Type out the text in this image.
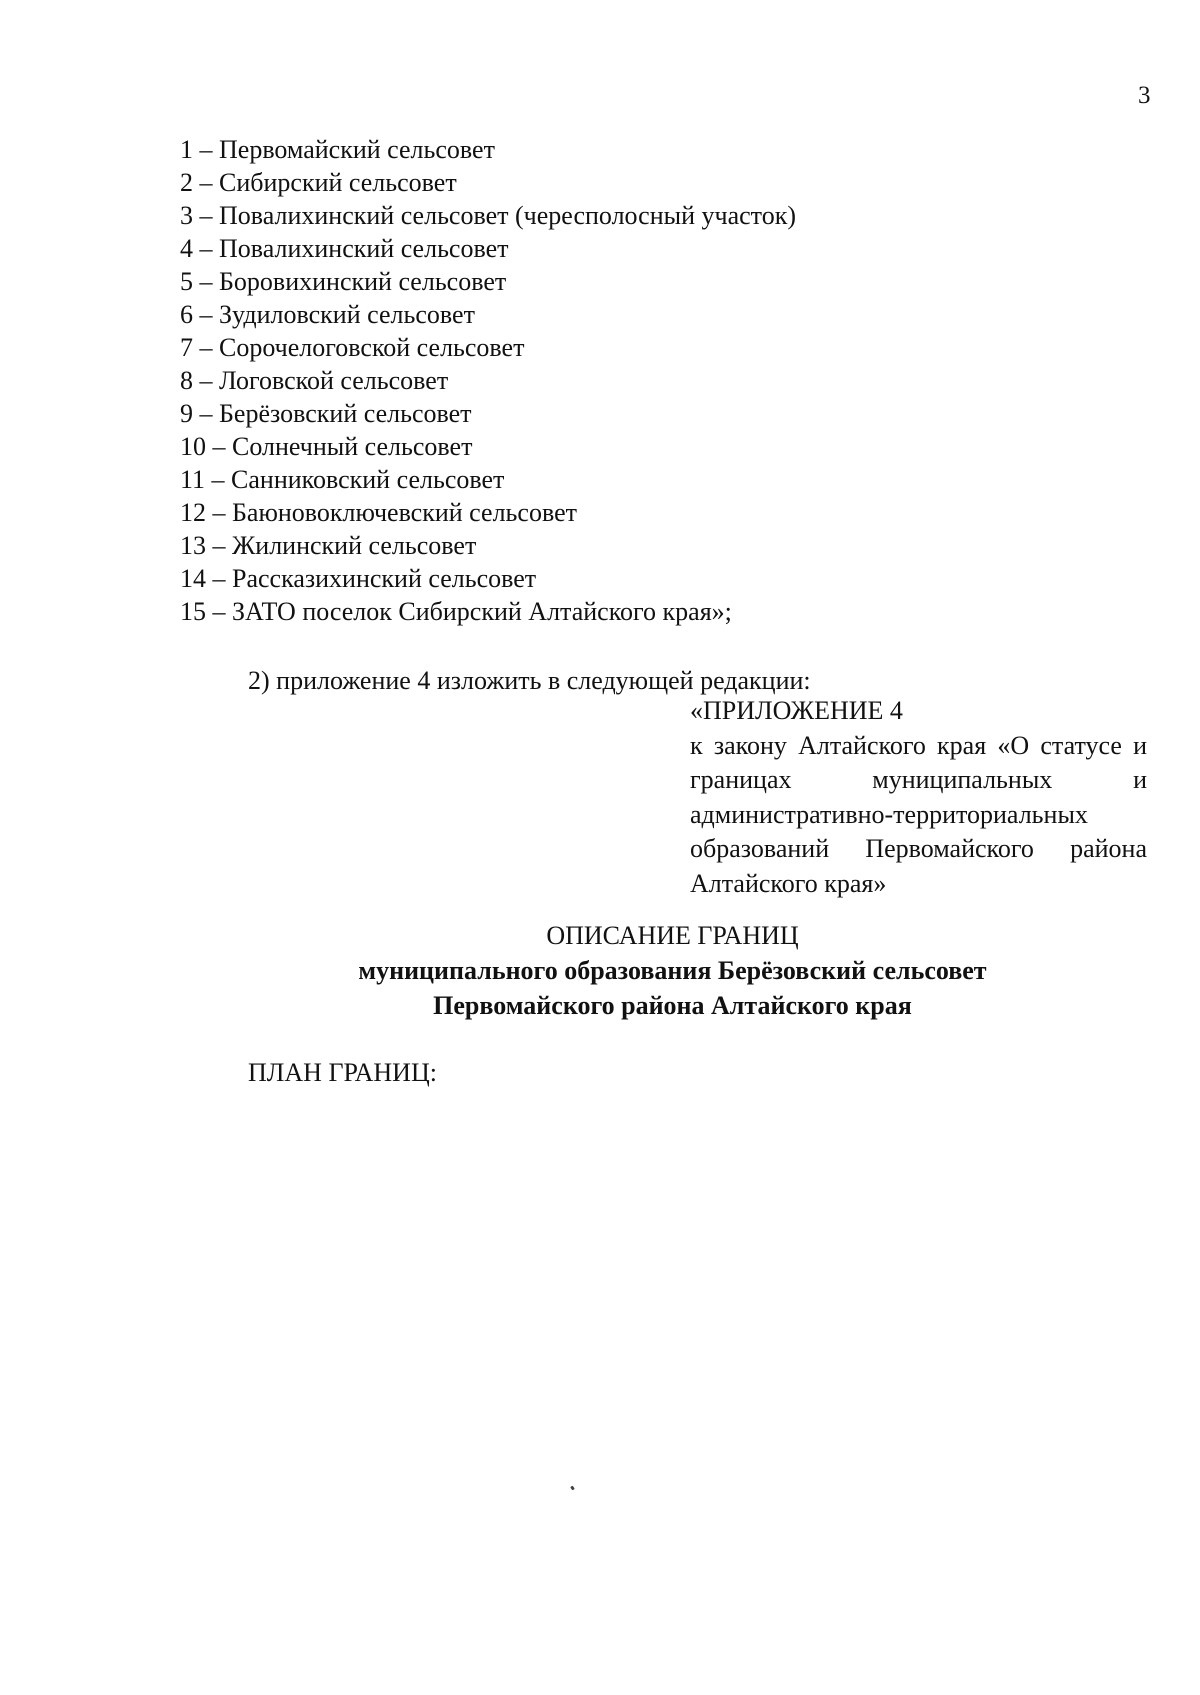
3
1 – Первомайский сельсовет
2 – Сибирский сельсовет
3 – Повалихинский сельсовет (чересполосный участок)
4 – Повалихинский сельсовет
5 – Боровихинский сельсовет
6 – Зудиловский сельсовет
7 – Сорочелоговской сельсовет
8 – Логовской сельсовет
9 – Берёзовский сельсовет
10 – Солнечный сельсовет
11 – Санниковский сельсовет
12 – Баюновоключевский сельсовет
13 – Жилинский сельсовет
14 – Рассказихинский сельсовет
15 – ЗАТО поселок Сибирский Алтайского края»;
2) приложение 4 изложить в следующей редакции:
«ПРИЛОЖЕНИЕ 4
к закону Алтайского края «О статусе и границах муниципальных и административно-территориальных образований Первомайского района Алтайского края»
ОПИСАНИЕ ГРАНИЦ
муниципального образования Берёзовский сельсовет
Первомайского района Алтайского края
ПЛАН ГРАНИЦ:
